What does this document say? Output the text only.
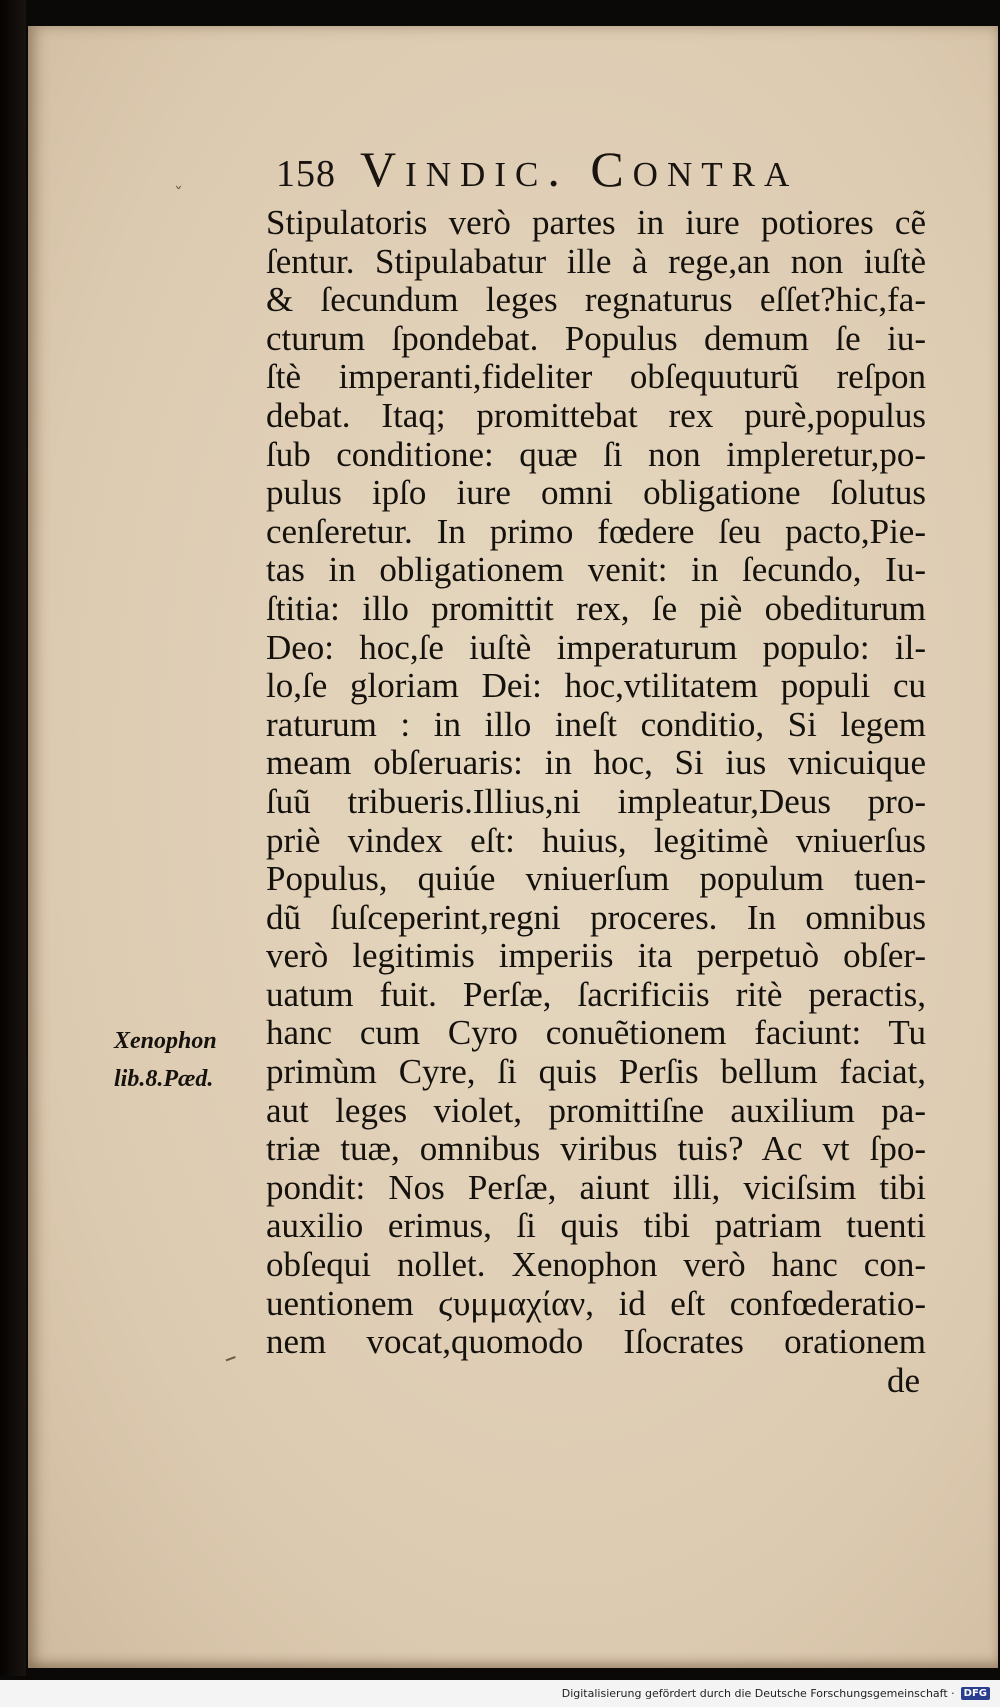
ˇ 158 Vindic. Contra
Stipulatoris verò partes in iure potiores cẽ
ſentur. Stipulabatur ille à rege,an non iuſtè
& ſecundum leges regnaturus eſſet?hic,fa-
cturum ſpondebat. Populus demum ſe iu-
ſtè imperanti,fideliter obſequuturũ reſpon
debat. Itaq; promittebat rex purè,populus
ſub conditione: quæ ſi non impleretur,po-
pulus ipſo iure omni obligatione ſolutus
cenſeretur. In primo fœdere ſeu pacto,Pie-
tas in obligationem venit: in ſecundo, Iu-
ſtitia: illo promittit rex, ſe piè obediturum
Deo: hoc,ſe iuſtè imperaturum populo: il-
lo,ſe gloriam Dei: hoc,vtilitatem populi cu
raturum : in illo ineſt conditio, Si legem
meam obſeruaris: in hoc, Si ius vnicuique
ſuũ tribueris.Illius,ni impleatur,Deus pro-
priè vindex eſt: huius, legitimè vniuerſus
Populus, quiúe vniuerſum populum tuen-
dũ ſuſceperint,regni proceres. In omnibus
verò legitimis imperiis ita perpetuò obſer-
uatum fuit. Perſæ, ſacrificiis ritè peractis,
hanc cum Cyro conuẽtionem faciunt: Tu
primùm Cyre, ſi quis Perſis bellum faciat,
aut leges violet, promittiſne auxilium pa-
triæ tuæ, omnibus viribus tuis? Ac vt ſpo-
pondit: Nos Perſæ, aiunt illi, viciſsim tibi
auxilio erimus, ſi quis tibi patriam tuenti
obſequi nollet. Xenophon verò hanc con-
uentionem ϛυμμαχίαν, id eſt confœderatio-
nem vocat,quomodo Iſocrates orationem
de
Xenophon
lib.8.Pæd.
Digitalisierung gefördert durch die Deutsche Forschungsgemeinschaft · DFG
